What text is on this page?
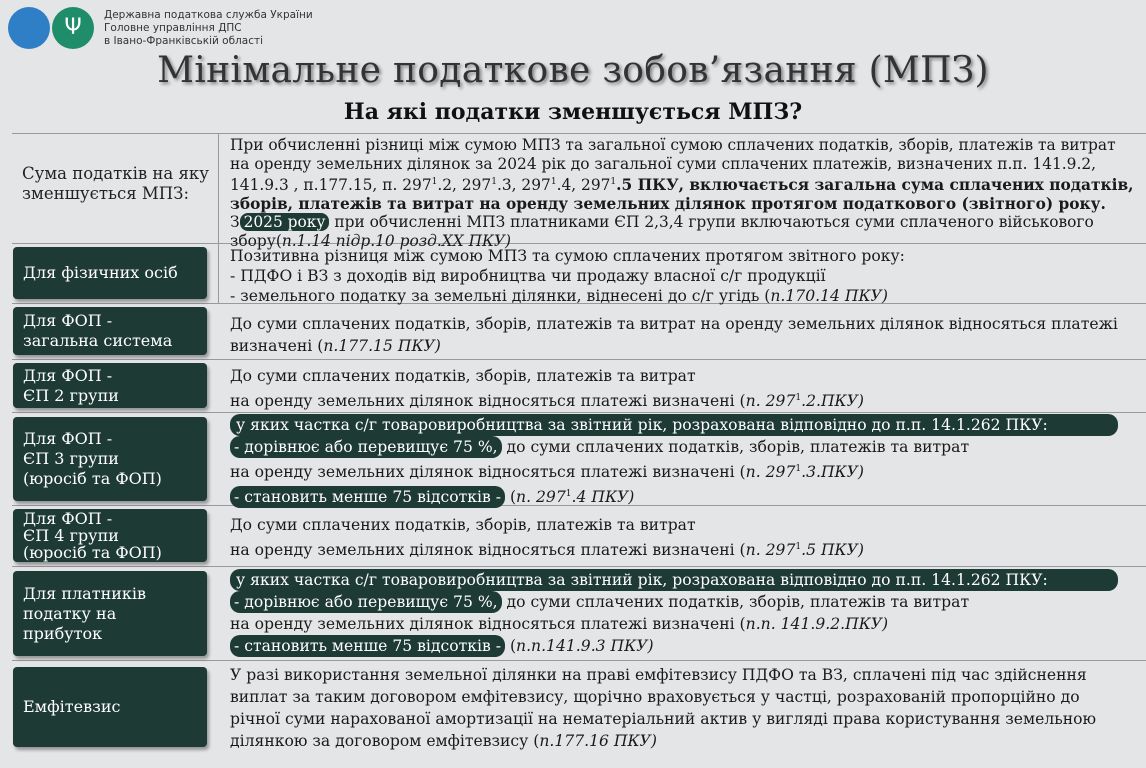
Ψ
Державна податкова служба України
Головне управління ДПС
в Івано-Франківській області
Мінімальне податкове зобов’язання (МПЗ)
На які податки зменшується МПЗ?
Сума податків на яку
зменшується МПЗ:
При обчисленні різниці між сумою МПЗ та загальної сумою сплачених податків, зборів, платежів та витрат
на оренду земельних ділянок за 2024 рік до загальної суми сплачених платежів, визначених п.п. 141.9.2,
141.9.3 , п.177.15, п. $297^1.2$, $297^1.3$, $297^1.4$, $297^1.5$ ПКУ, включається загальна сума сплачених податків,
зборів, платежів та витрат на оренду земельних ділянок протягом податкового (звітного) року.
З 2025 року при обчисленні МПЗ платниками ЄП 2,3,4 групи включаються суми сплаченого військового
збору(п.1.14 підр.10 розд.XX ПКУ)
Для фізичних осіб
Позитивна різниця між сумою МПЗ та сумою сплачених протягом звітного року:
- ПДФО і ВЗ з доходів від виробництва чи продажу власної с/г продукції
- земельного податку за земельні ділянки, віднесені до с/г угідь (п.170.14 ПКУ)
Для ФОП -
загальна система
До суми сплачених податків, зборів, платежів та витрат на оренду земельних ділянок відносяться платежі
визначені (п.177.15 ПКУ)
Для ФОП -
ЄП 2 групи
До суми сплачених податків, зборів, платежів та витрат
на оренду земельних ділянок відносяться платежі визначені (п. $297^1.2.ПКУ$)
Для ФОП -
ЄП 3 групи
(юросіб та ФОП)
у яких частка с/г товаровиробництва за звітний рік, розрахована відповідно до п.п. 14.1.262 ПКУ:
- дорівнює або перевищує 75 %, до суми сплачених податків, зборів, платежів та витрат
на оренду земельних ділянок відносяться платежі визначені (п. $297^1.3.ПКУ$)
- становить менше 75 відсотків - (п. $297^1.4$ ПКУ)
Для ФОП -
ЄП 4 групи
(юросіб та ФОП)
До суми сплачених податків, зборів, платежів та витрат
на оренду земельних ділянок відносяться платежі визначені (п. $297^1.5$ ПКУ)
Для платників
податку на прибуток
у яких частка с/г товаровиробництва за звітний рік, розрахована відповідно до п.п. 14.1.262 ПКУ:
- дорівнює або перевищує 75 %, до суми сплачених податків, зборів, платежів та витрат
на оренду земельних ділянок відносяться платежі визначені (п.п. 141.9.2.ПКУ)
- становить менше 75 відсотків - (п.п.141.9.3 ПКУ)
Емфітевзис
У разі використання земельної ділянки на праві емфітевзису ПДФО та ВЗ, сплачені під час здійснення
виплат за таким договором емфітевзису, щорічно враховується у частці, розрахованій пропорційно до
річної суми нарахованої амортизації на нематеріальний актив у вигляді права користування земельною
ділянкою за договором емфітевзису (п.177.16 ПКУ)
